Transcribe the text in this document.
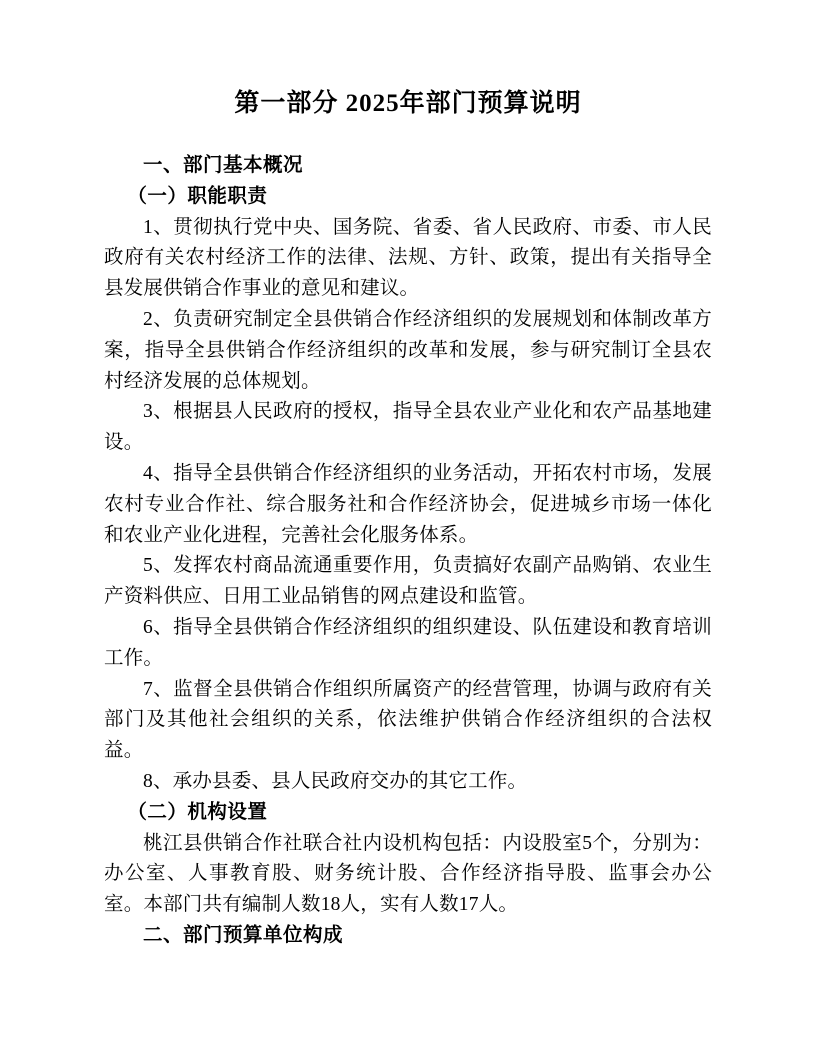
第一部分 2025年部门预算说明

一、部门基本概况

（一）职能职责

1、贯彻执行党中央、国务院、省委、省人民政府、市委、市人民政府有关农村经济工作的法律、法规、方针、政策，提出有关指导全县发展供销合作事业的意见和建议。

2、负责研究制定全县供销合作经济组织的发展规划和体制改革方案，指导全县供销合作经济组织的改革和发展，参与研究制订全县农村经济发展的总体规划。

3、根据县人民政府的授权，指导全县农业产业化和农产品基地建设。

4、指导全县供销合作经济组织的业务活动，开拓农村市场，发展农村专业合作社、综合服务社和合作经济协会，促进城乡市场一体化和农业产业化进程，完善社会化服务体系。

5、发挥农村商品流通重要作用，负责搞好农副产品购销、农业生产资料供应、日用工业品销售的网点建设和监管。

6、指导全县供销合作经济组织的组织建设、队伍建设和教育培训工作。

7、监督全县供销合作组织所属资产的经营管理，协调与政府有关部门及其他社会组织的关系，依法维护供销合作经济组织的合法权益。

8、承办县委、县人民政府交办的其它工作。

（二）机构设置

桃江县供销合作社联合社内设机构包括：内设股室5个，分别为：办公室、人事教育股、财务统计股、合作经济指导股、监事会办公室。本部门共有编制人数18人，实有人数17人。

二、部门预算单位构成
